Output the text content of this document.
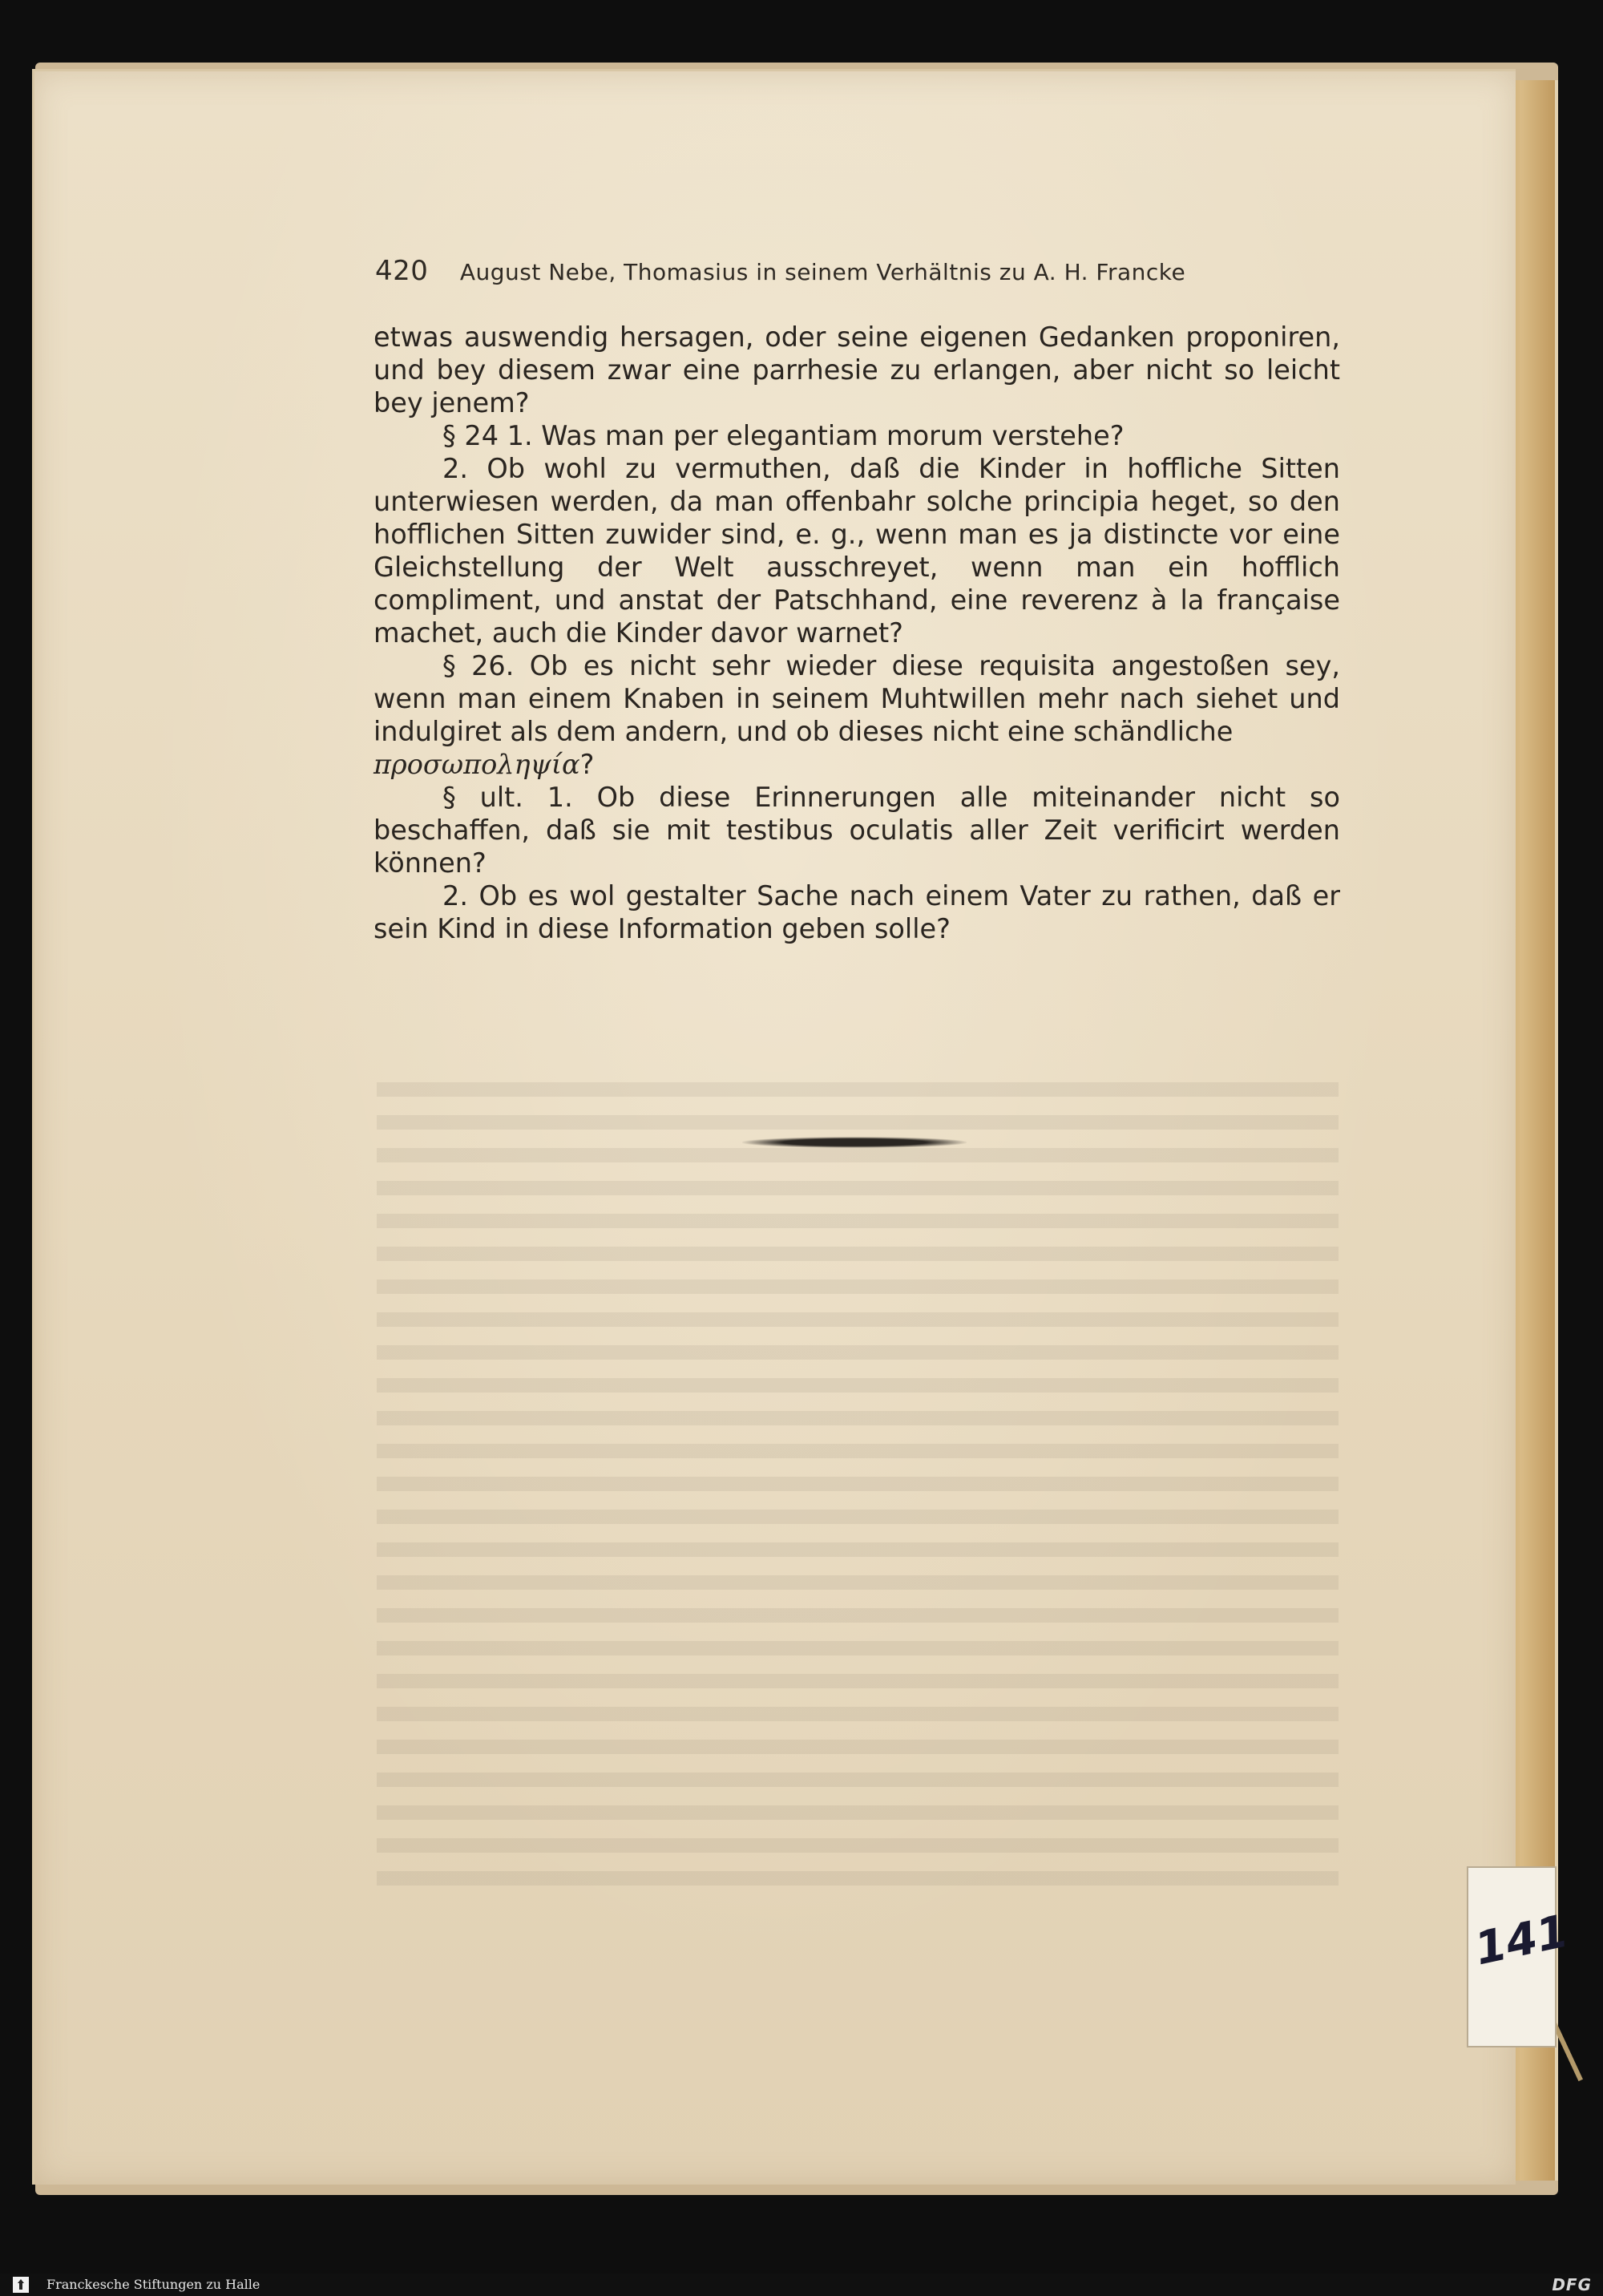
420 August Nebe, Thomasius in seinem Verhältnis zu A. H. Francke

etwas auswendig hersagen, oder seine eigenen Gedanken proponiren, und bey diesem zwar eine parrhesie zu erlangen, aber nicht so leicht bey jenem?

§ 24 1. Was man per elegantiam morum verstehe?

2. Ob wohl zu vermuthen, daß die Kinder in hoffliche Sitten unterwiesen werden, da man offenbahr solche principia heget, so den hofflichen Sitten zuwider sind, e. g., wenn man es ja distincte vor eine Gleichstellung der Welt ausschreyet, wenn man ein hofflich compliment, und anstat der Patschhand, eine reverenz à la française machet, auch die Kinder davor warnet?

§ 26. Ob es nicht sehr wieder diese requisita angestoßen sey, wenn man einem Knaben in seinem Muhtwillen mehr nach siehet und indulgiret als dem andern, und ob dieses nicht eine schändliche

προσωποληψία?

§ ult. 1. Ob diese Erinnerungen alle miteinander nicht so beschaffen, daß sie mit testibus oculatis aller Zeit verificirt werden können?

2. Ob es wol gestalter Sache nach einem Vater zu rathen, daß er sein Kind in diese Information geben solle?

141
Franckesche Stiftungen zu Halle	DFG
